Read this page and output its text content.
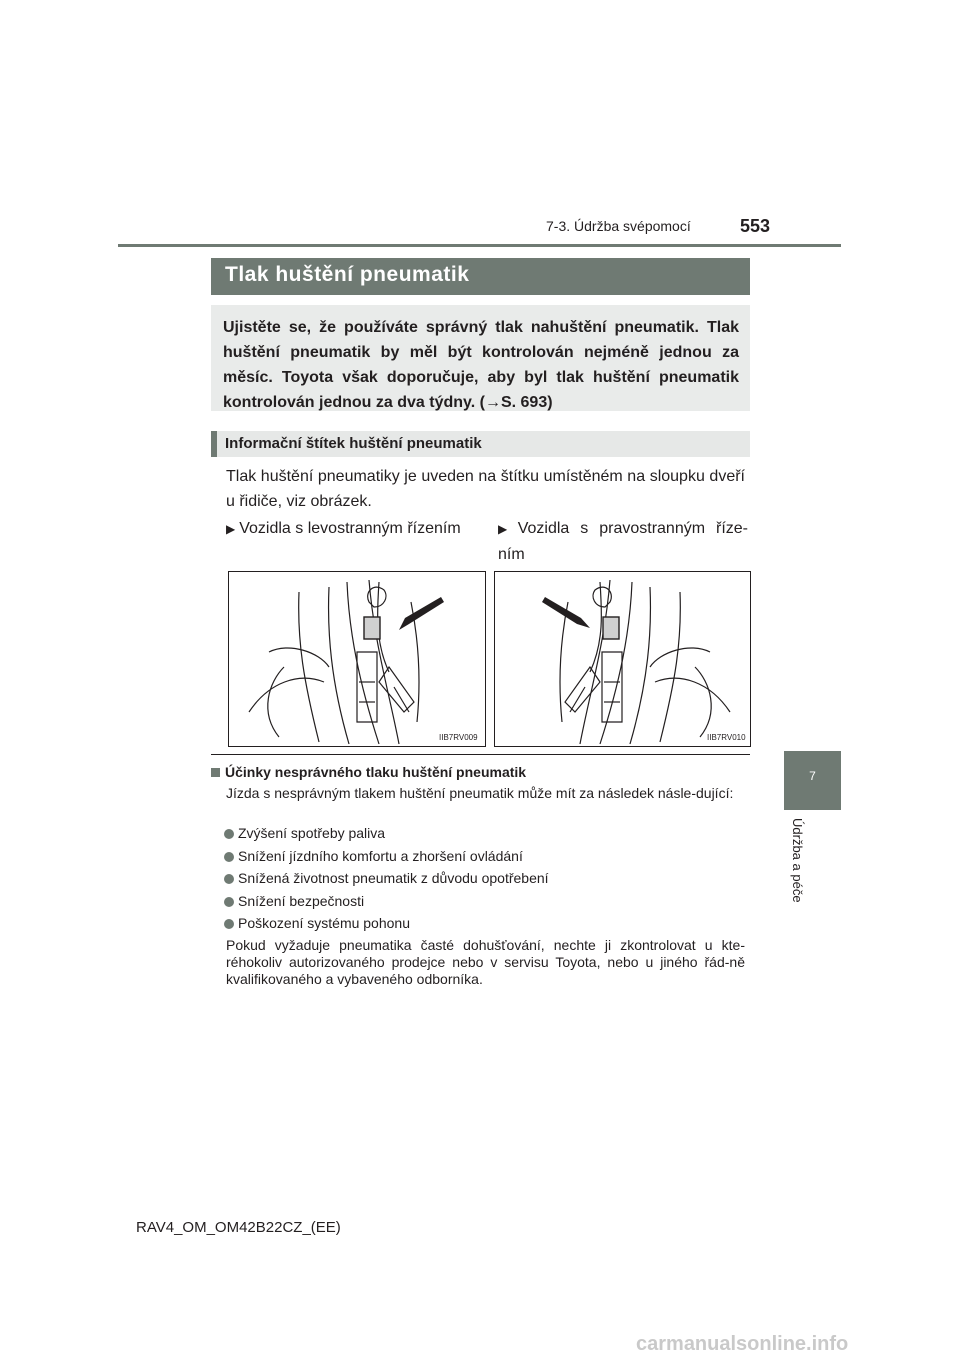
7-3. Údržba svépomocí	553
Tlak huštění pneumatik
Ujistěte se, že používáte správný tlak nahuštění pneumatik. Tlak huštění pneumatik by měl být kontrolován nejméně jednou za měsíc. Toyota však doporučuje, aby byl tlak huštění pneumatik kontrolován jednou za dva týdny. (→S. 693)
Informační štítek huštění pneumatik
Tlak huštění pneumatiky je uveden na štítku umístěném na sloupku dveří u řidiče, viz obrázek.
▶ Vozidla s levostranným řízením	▶ Vozidla s pravostranným říze-ním
IIB7RV009	IIB7RV010
Účinky nesprávného tlaku huštění pneumatik
Jízda s nesprávným tlakem huštění pneumatik může mít za následek násle-dující:
Zvýšení spotřeby paliva
Snížení jízdního komfortu a zhoršení ovládání
Snížená životnost pneumatik z důvodu opotřebení
Snížení bezpečnosti
Poškození systému pohonu
Pokud vyžaduje pneumatika časté dohušťování, nechte ji zkontrolovat u kte-réhokoliv autorizovaného prodejce nebo v servisu Toyota, nebo u jiného řád-ně kvalifikovaného a vybaveného odborníka.
7
Údržba a péče
RAV4_OM_OM42B22CZ_(EE)
carmanualsonline.info
